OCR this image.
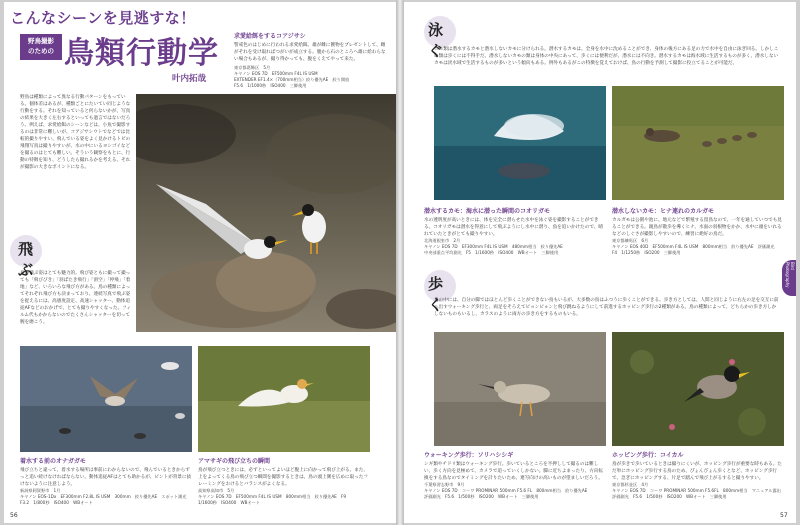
こんなシーンを見逃すな！
野鳥撮影
のための 鳥類行動学
叶内拓哉
求愛給餌をするコアジサシ
警戒色のはじめに行われる求愛給餌。雄が雌に獲物をプレゼントして、雌がそれを受け取ればつがいが成立する。腹から石のところへ雄に給わらない場合もあるが、撮り得かっても、腹をくえてやって来た。
東京都葛飾区　5月
キヤノン EOS 7D　EF500mm F4L IS USM
EXTENDER EF1.4×（700mm相当）絞り優先AE　絞り開放
F5.6　1/1000秒　ISO400　三脚使用
野鳥は種類によって異なる行動パターンをもっている。個体差はあるが、種類ごとにたいてい同じような行動をする。それを知っていると何らないかが、写真の結果を大きく左右するといっても過言ではないだろう。例えば、求愛給餌のシーンなどは、小魚で撮影するのは非常に難しいが、コアジサシウトでなどでは比較的撮りやすい。飛んでいる姿をよく見かけるトビの飛翔写真は撮りやすいが、水の中にいるヨシゴイなどを撮るのはとても難しい。そういう観察をもとに、行動の特徴を知り、どうしたら撮れるかを考える、それが撮影の大きなポイントになる。
飛ぶ
鳥が飛ぶ姿はとても魅力的。飛び姿ともに撮って撮っても「飛びびき」「羽ばたき飛行」「滑空」「停飛」「着地」など、いろいろな飛び方がある。鳥の種類によってそれぞれ飛び方も決まっており、連続写真で飛ぶ姿を捉えるには、高感度設定、高速シャッター、動体追従AFなどのおかげで、とても撮りやすくなった。フィルム代もかからないのでたくさんシャッターを切って腕を磨こう。
着水する前のオナガガモ
飛び立ちと違って、着水する場所は事前にわからないので、飛んでいるときからずっと追い続けなければならない。動体追従AFはとても助かるが、ピントが背景に抜けないように注意しよう。
新潟県阿賀野市　1月
キヤノン EOS-1Dx　EF300mm F2.8L IS USM　300mm　絞り優先AE　スポット測光
F3.2　1/800秒　ISO400　WBオート
アマサギの飛び立ちの瞬間
鳥が飛び立つときには、必ずといってよいほど腹上に向かって飛び上がる。また、上をよってくる鳥の飛び立つ瞬間を撮影するときは、鳥の頭上側を広めに取ったフレーミングをおけるとバランスがよくなる。
高知県高知市　5月
キヤノン EOS 7D　EF500mm F4L IS USM　800mm相当　絞り優先AE　F9
1/1600秒　ISO400　WBオート
56
泳ぐ
カモ類は潜水するカモと潜水しないカモに分けられる。潜水するカモは、全身を水中に沈めることができ、身体の後方にある足の力で水中を自由に泳ぎ回る。しかしこの類は歩くには不得手だ。潜水しないカモの類は身体の中央にあって、歩くには便利だが、潜水には不向き。潜水するカモは海水域に生活するものが多く、潜水しないカモは淡水域で生活するものが多いという傾向もある。例外もあるがこの特徴を覚えておけば、鳥の行動を予測して撮影に役立てることが可能だ。
潜水するカモ：海水に潜った瞬間のコオリガモ
水の透明度が高いときには、体を完全に潜らせた水中を泳ぐ姿を撮影することができる。コオリガモは潜水を得意にして飛ぶようにし水中に潜り、魚を追いかけたので、晴れていたときがとても撮りやすい。
北海道根室市　2月
キヤノン EOS 7D　EF300mm F4L IS USM　480mm相当　絞り優先AE
中央部重点平均測光　F5　1/1600秒　ISO400　WBオート　三脚使用
潜水しないカモ：ヒナ連れのカルガモ
カルガモは公園や池に、地元などで繁殖する留鳥なので、一年を通していつでも見ることができる。親鳥が散歩を導くヒナ、水面の羽根物をかか、水中に頭をいれるなどのしぐさが撮影しやすいので、練習に絶好の鳥だ。
東京都練馬区　6月
キヤノン EOS 40D　EF500mm F4L IS USM　800mm相当　絞り優先AE　評価測光
F4　1/1250秒　ISO200　三脚使用
歩く
鳥の中には、自分の脚ではほとんど歩くことができない鳥もいるが、大多数の鳥はふつうに歩くことができる。歩き方としては、人間と同じように右左の足を交互に前へ出すウォーキング歩行と、両足をそろえてピョンピョンと飛び跳ねるようにして前進するホッピング歩行の2種類がある。鳥の種類によって、どちらかの歩き方しかしないものもいるし、カラスのように両方の歩き方をするものもいる。
ウォーキング歩行：ソリハシシギ
シギ類やチドリ類はウォーキング歩行。歩いているところを半押しして撮るのは難しい、歩く方向を見極めて、カメラで追っていくしかない。脚に近ちよまったり、方向転換をする鳥なのでタイミングを計りたいため、連写向けの高いものが望ましいだろう。
千葉県習志野市　9月
キヤノン EOS 7D　コーワ PROMINAR 500mm F5.6 FL　800mm相当　絞り優先AE
評価測光　F5.6　1/500秒　ISO200　WBオート　三脚使用
ホッピング歩行：コイカル
鳥が歩きで歩いているときは撮りにくいが、ホッピング歩行が重要な時もある。ただ単にホッピング歩行する鳥のため、ぴょんぴょん歩くとなど、ホッピング歩行で、急ぎにホッピングする、片足で踏んで飛び上がるすると撮りやすい。
東京都杉並区　4月
キヤノン EOS 7D　コーワ PROMINAR 500mm F5.6FL　800mm相当　マニュアル露出
評価測光　F5.6　1/500秒　ISO200　WBオート　三脚使用
Bird Photography
57
